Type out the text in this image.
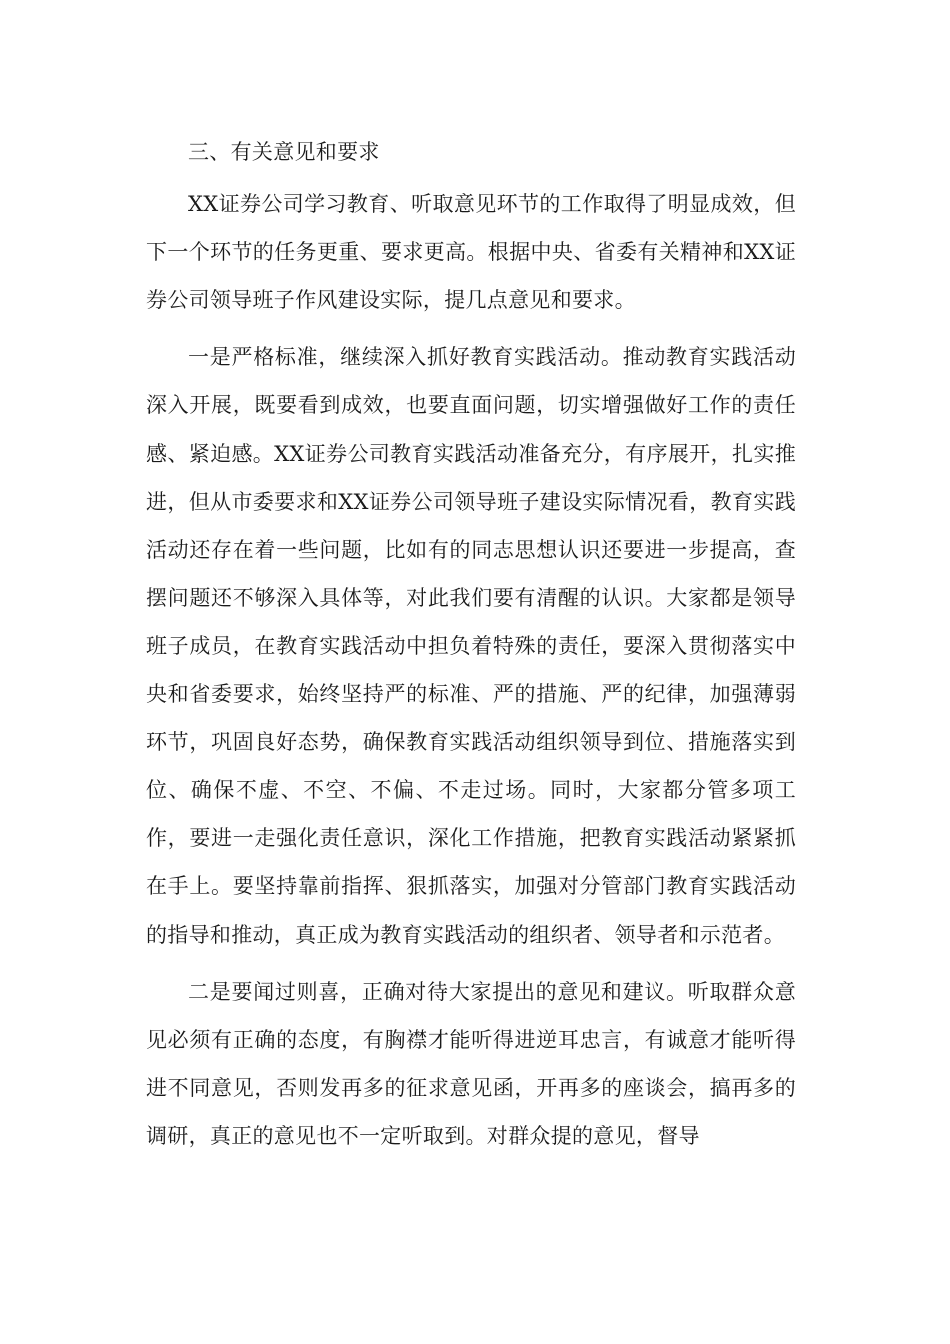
三、有关意见和要求

XX证券公司学习教育、听取意见环节的工作取得了明显成效，但下一个环节的任务更重、要求更高。根据中央、省委有关精神和XX证券公司领导班子作风建设实际，提几点意见和要求。

一是严格标准，继续深入抓好教育实践活动。推动教育实践活动深入开展，既要看到成效，也要直面问题，切实增强做好工作的责任感、紧迫感。XX证券公司教育实践活动准备充分，有序展开，扎实推进，但从市委要求和XX证券公司领导班子建设实际情况看，教育实践活动还存在着一些问题，比如有的同志思想认识还要进一步提高，查摆问题还不够深入具体等，对此我们要有清醒的认识。大家都是领导班子成员，在教育实践活动中担负着特殊的责任，要深入贯彻落实中央和省委要求，始终坚持严的标准、严的措施、严的纪律，加强薄弱环节，巩固良好态势，确保教育实践活动组织领导到位、措施落实到位、确保不虚、不空、不偏、不走过场。同时，大家都分管多项工作，要进一走强化责任意识，深化工作措施，把教育实践活动紧紧抓在手上。要坚持靠前指挥、狠抓落实，加强对分管部门教育实践活动的指导和推动，真正成为教育实践活动的组织者、领导者和示范者。

二是要闻过则喜，正确对待大家提出的意见和建议。听取群众意见必须有正确的态度，有胸襟才能听得进逆耳忠言，有诚意才能听得进不同意见，否则发再多的征求意见函，开再多的座谈会，搞再多的调研，真正的意见也不一定听取到。对群众提的意见，督导
